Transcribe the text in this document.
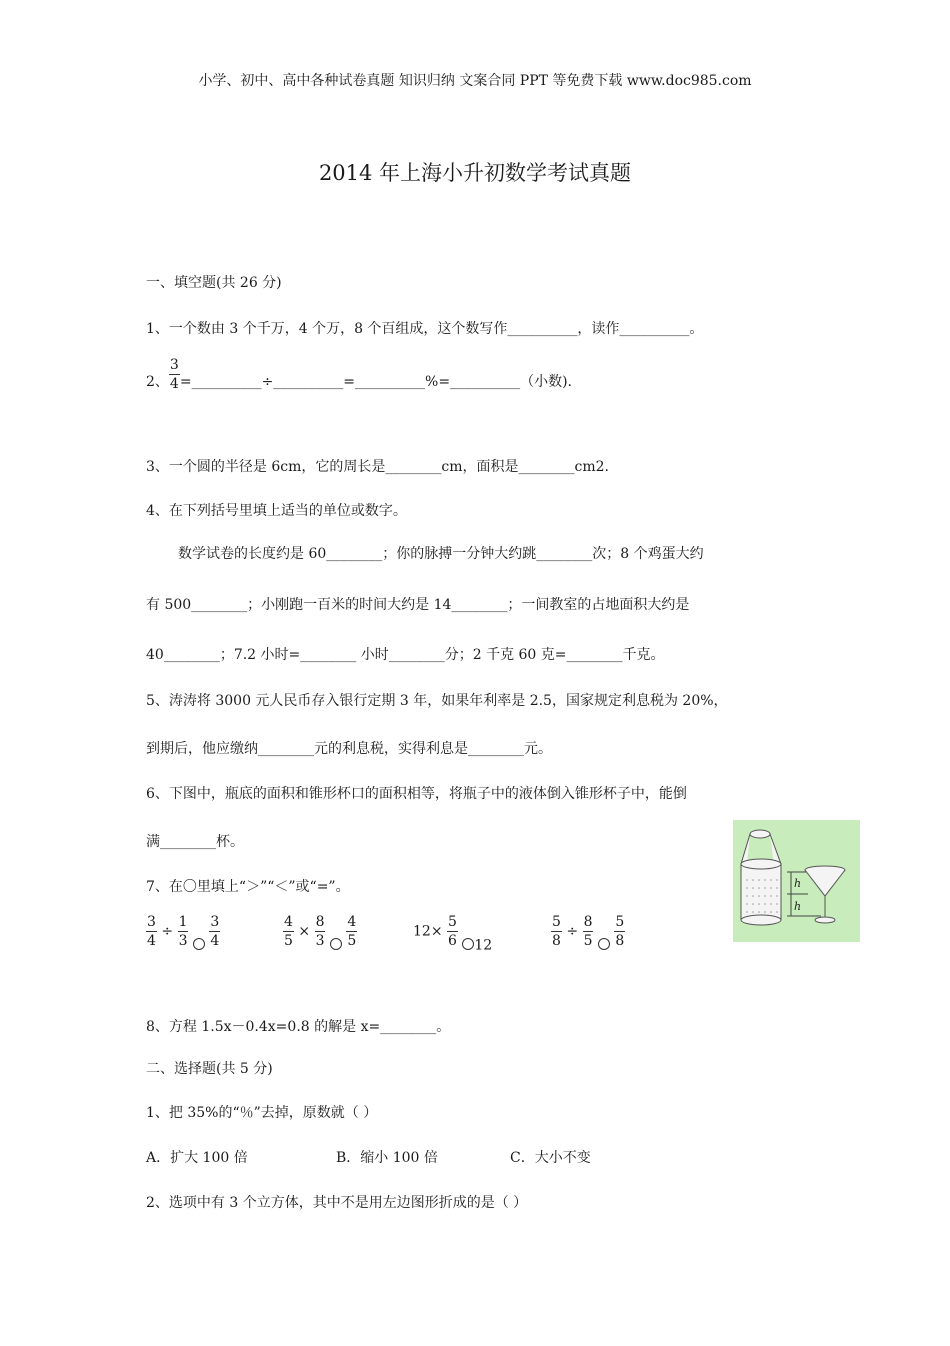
小学、初中、高中各种试卷真题 知识归纳 文案合同 PPT 等免费下载 www.doc985.com
2014 年上海小升初数学考试真题
一、填空题(共 26 分)
1、一个数由 3 个千万，4 个万，8 个百组成，这个数写作__________，读作__________。
2、 $\frac{3}{4}$ =__________÷__________=__________%=__________（小数).
3、一个圆的半径是 6cm，它的周长是________cm，面积是________cm2.
4、在下列括号里填上适当的单位或数字。
数学试卷的长度约是 60________；你的脉搏一分钟大约跳________次；8 个鸡蛋大约
有 500________；小刚跑一百米的时间大约是 14________；一间教室的占地面积大约是
40________；7.2 小时=________ 小时________分；2 千克 60 克=________千克。
5、涛涛将 3000 元人民币存入银行定期 3 年，如果年利率是 2.5，国家规定利息税为 20%，
到期后，他应缴纳________元的利息税，实得利息是________元。
6、下图中，瓶底的面积和锥形杯口的面积相等，将瓶子中的液体倒入锥形杯子中，能倒
满________杯。
h
h
7、在〇里填上“＞”“＜”或“=”。
$\frac{3}{4} \div \frac{1}{3}$
$\frac{3}{4}$	$\frac{4}{5} \times \frac{8}{3}$
$\frac{4}{5}$	$12\times \frac{5}{6} 12$	$\frac{5}{8} \div \frac{8}{5}$
$\frac{5}{8}$
8、方程 1.5x－0.4x=0.8 的解是 x=________。
二、选择题(共 5 分)
1、把 35%的“％”去掉，原数就（ ）
A．扩大 100 倍	B．缩小 100 倍	C．大小不变
2、选项中有 3 个立方体，其中不是用左边图形折成的是（ ）
